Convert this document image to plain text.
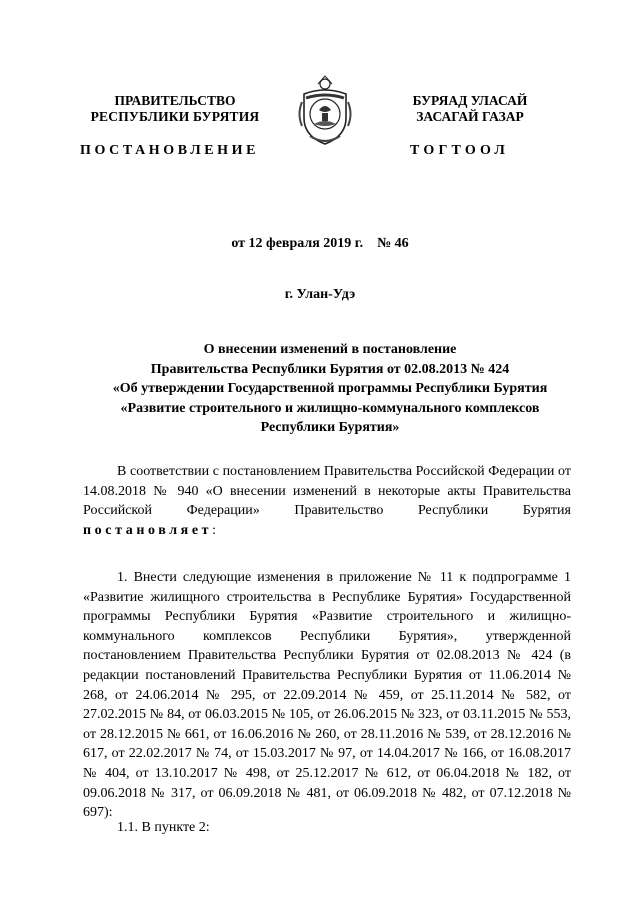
ПРАВИТЕЛЬСТВО
РЕСПУБЛИКИ БУРЯТИЯ
БУРЯАД УЛАСАЙ
ЗАСАГАЙ ГАЗАР
ПОСТАНОВЛЕНИЕ	ТОГТООЛ
от 12 февраля 2019 г. № 46
г. Улан-Удэ
О внесении изменений в постановление
Правительства Республики Бурятия от 02.08.2013 № 424
«Об утверждении Государственной программы Республики Бурятия
«Развитие строительного и жилищно-коммунального комплексов
Республики Бурятия»

В соответствии с постановлением Правительства Российской Федерации от 14.08.2018 № 940 «О внесении изменений в некоторые акты Правительства Российской Федерации» Правительство Республики Бурятия постановляет:

1. Внести следующие изменения в приложение № 11 к подпрограмме 1 «Развитие жилищного строительства в Республике Бурятия» Государственной программы Республики Бурятия «Развитие строительного и жилищно-коммунального комплексов Республики Бурятия», утвержденной постановлением Правительства Республики Бурятия от 02.08.2013 № 424 (в редакции постановлений Правительства Республики Бурятия от 11.06.2014 № 268, от 24.06.2014 № 295, от 22.09.2014 № 459, от 25.11.2014 № 582, от 27.02.2015 № 84, от 06.03.2015 № 105, от 26.06.2015 № 323, от 03.11.2015 № 553, от 28.12.2015 № 661, от 16.06.2016 № 260, от 28.11.2016 № 539, от 28.12.2016 № 617, от 22.02.2017 № 74, от 15.03.2017 № 97, от 14.04.2017 № 166, от 16.08.2017 № 404, от 13.10.2017 № 498, от 25.12.2017 № 612, от 06.04.2018 № 182, от 09.06.2018 № 317, от 06.09.2018 № 481, от 06.09.2018 № 482, от 07.12.2018 № 697):

1.1. В пункте 2:
